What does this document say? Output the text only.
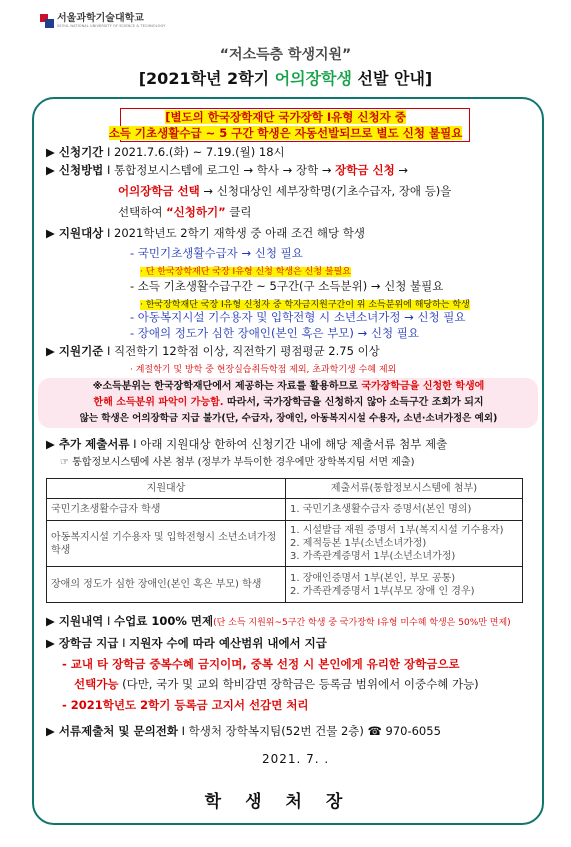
서울과학기술대학교
SEOUL NATIONAL UNIVERSITY OF SCIENCE & TECHNOLOGY
“저소득층 학생지원”
[2021학년 2학기 어의장학생 선발 안내]
[별도의 한국장학재단 국가장학 I유형 신청자 중
소득 기초생활수급 ~ 5 구간 학생은 자동선발되므로 별도 신청 불필요
▶ 신청기간 I 2021.7.6.(화) ~ 7.19.(월) 18시
▶ 신청방법 I 통합정보시스템에 로그인 → 학사 → 장학 → 장학금 신청 →
어의장학금 선택 → 신청대상인 세부장학명(기초수급자, 장애 등)을
선택하여 “신청하기” 클릭
▶ 지원대상 I 2021학년도 2학기 재학생 중 아래 조건 해당 학생
- 국민기초생활수급자 → 신청 필요
· 단 한국장학재단 국장 I유형 신청 학생은 신청 불필요
- 소득 기초생활수급구간 ~ 5구간(구 소득분위) → 신청 불필요
· 한국장학재단 국장 I유형 신청자 중 학자금지원구간이 위 소득분위에 해당하는 학생
- 아동복지시설 기수용자 및 입학전형 시 소년소녀가정 → 신청 필요
- 장애의 정도가 심한 장애인(본인 혹은 부모) → 신청 필요
▶ 지원기준 I 직전학기 12학점 이상, 직전학기 평점평균 2.75 이상
· 계절학기 및 방학 중 현장실습취득학점 제외, 초과학기생 수혜 제외
※소득분위는 한국장학재단에서 제공하는 자료를 활용하므로 국가장학금을 신청한 학생에
한해 소득분위 파악이 가능함. 따라서, 국가장학금을 신청하지 않아 소득구간 조회가 되지
않는 학생은 어의장학금 지급 불가(단, 수급자, 장애인, 아동복지시설 수용자, 소년·소녀가정은 예외)
▶ 추가 제출서류 I 아래 지원대상 한하여 신청기간 내에 해당 제출서류 첨부 제출
☞ 통합정보시스템에 사본 첨부 (정부가 부득이한 경우에만 장학복지팀 서면 제출)
지원대상	제출서류(통합정보시스템에 첨부)
국민기초생활수급자 학생	1. 국민기초생활수급자 증명서(본인 명의)

아동복지시설 기수용자 및 입학전형시 소년소녀가정 학생	1. 시설발급 재원 증명서 1부(복지시설 기수용자)
2. 제적등본 1부(소년소녀가정)
3. 가족관계증명서 1부(소년소녀가정)

장애의 정도가 심한 장애인(본인 혹은 부모) 학생	1. 장애인증명서 1부(본인, 부모 공통)
2. 가족관계증명서 1부(부모 장애 인 경우)
▶ 지원내역 I 수업료 100% 면제(단 소득 지원위~5구간 학생 중 국가장학 I유형 미수혜 학생은 50%만 면제)
▶ 장학금 지급 I 지원자 수에 따라 예산범위 내에서 지급
- 교내 타 장학금 중복수혜 금지이며, 중복 선정 시 본인에게 유리한 장학금으로
선택가능 (다만, 국가 및 교외 학비감면 장학금은 등록금 범위에서 이중수혜 가능)
- 2021학년도 2학기 등록금 고지서 선감면 처리
▶ 서류제출처 및 문의전화 I 학생처 장학복지팀(52번 건물 2층) ☎ 970-6055
2021. 7. .
학생처장
